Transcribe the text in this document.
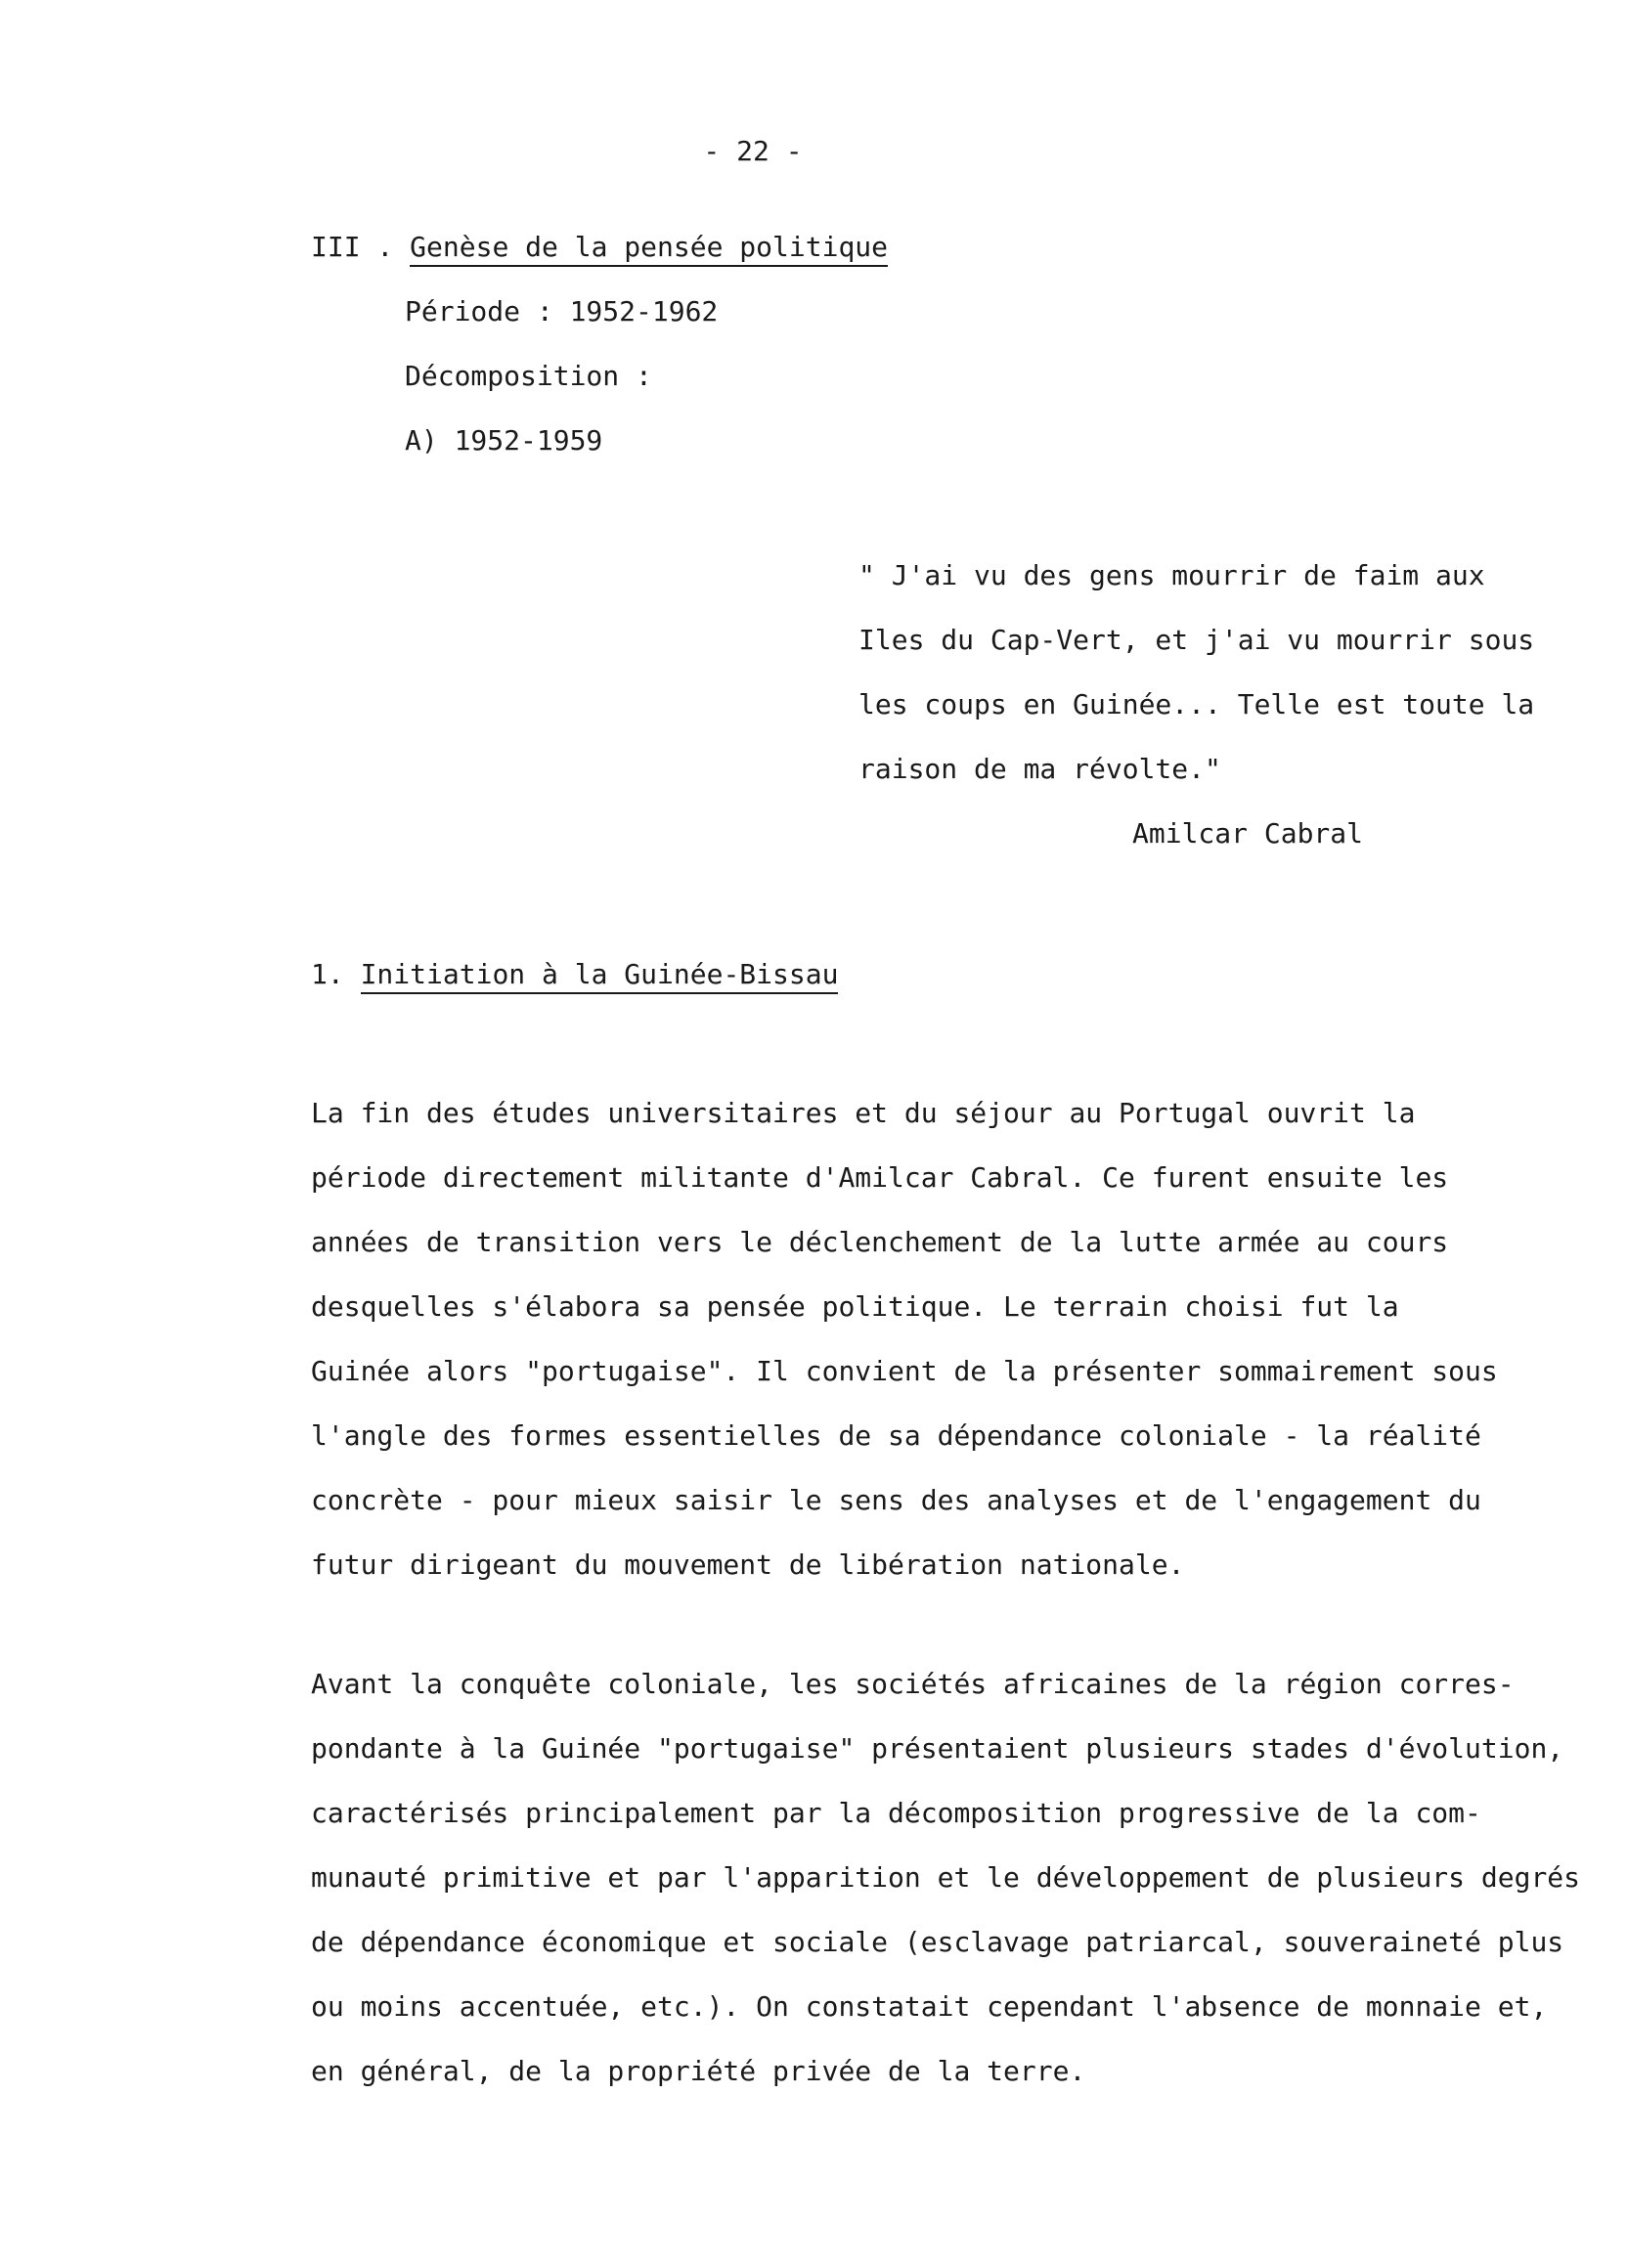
- 22 -
III . Genèse de la pensée politique
Période : 1952-1962
Décomposition :
A) 1952-1959
" J'ai vu des gens mourrir de faim aux
Iles du Cap-Vert, et j'ai vu mourrir sous
les coups en Guinée... Telle est toute la
raison de ma révolte."
Amilcar Cabral
1. Initiation à la Guinée-Bissau
La fin des études universitaires et du séjour au Portugal ouvrit la
période directement militante d'Amilcar Cabral. Ce furent ensuite les
années de transition vers le déclenchement de la lutte armée au cours
desquelles s'élabora sa pensée politique. Le terrain choisi fut la
Guinée alors "portugaise". Il convient de la présenter sommairement sous
l'angle des formes essentielles de sa dépendance coloniale - la réalité
concrète - pour mieux saisir le sens des analyses et de l'engagement du
futur dirigeant du mouvement de libération nationale.
Avant la conquête coloniale, les sociétés africaines de la région corres-
pondante à la Guinée "portugaise" présentaient plusieurs stades d'évolution,
caractérisés principalement par la décomposition progressive de la com-
munauté primitive et par l'apparition et le développement de plusieurs degrés
de dépendance économique et sociale (esclavage patriarcal, souveraineté plus
ou moins accentuée, etc.). On constatait cependant l'absence de monnaie et,
en général, de la propriété privée de la terre.
